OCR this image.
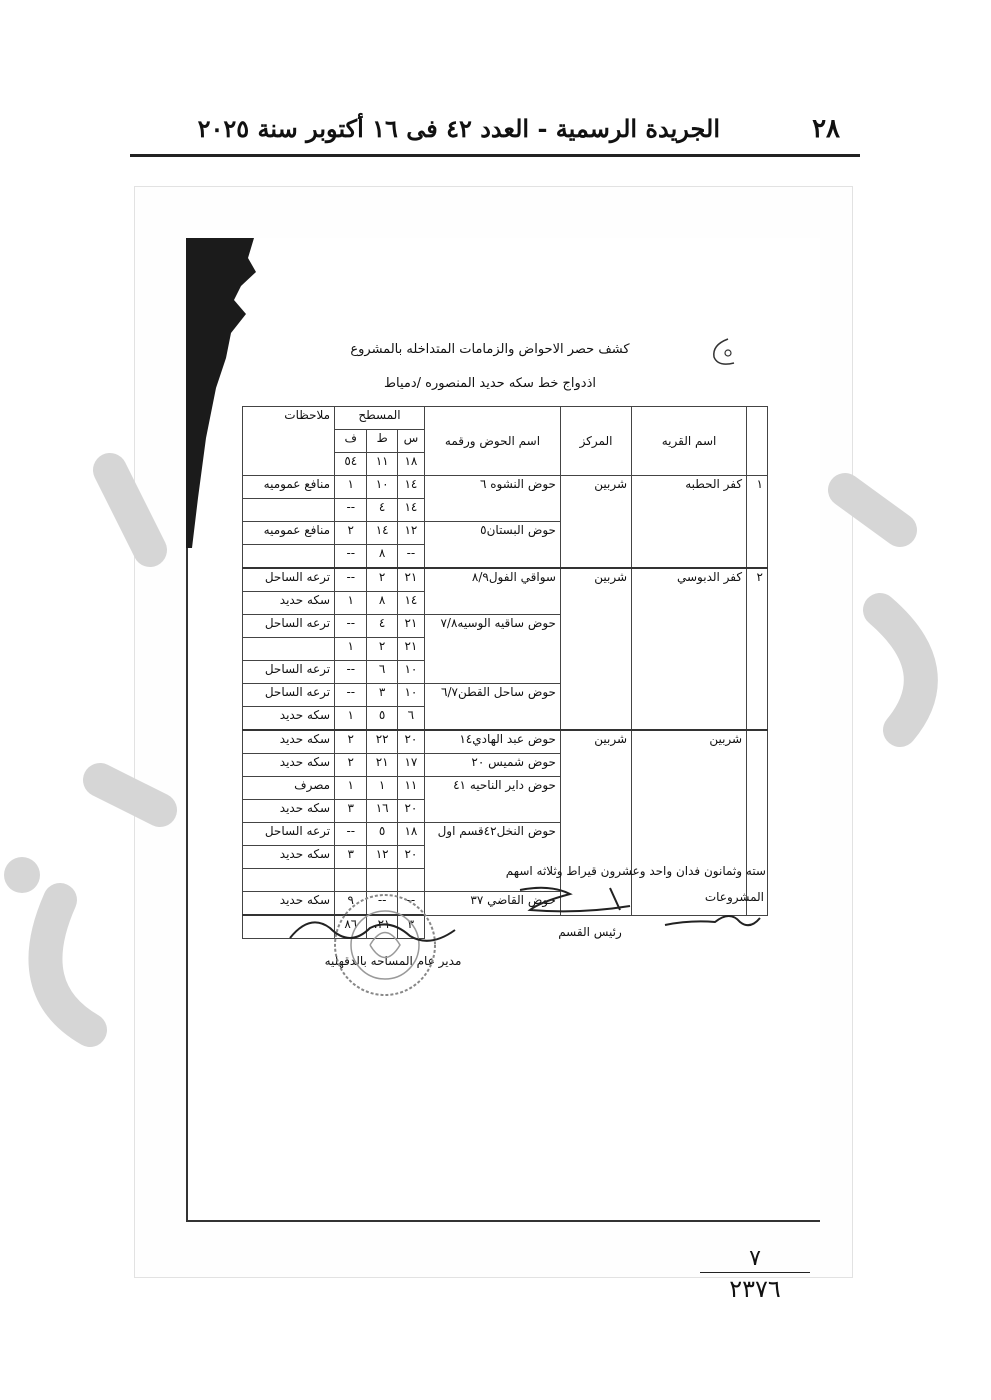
٢٨
الجريدة الرسمية - العدد ٤٢ فى ١٦ أكتوبر سنة ٢٠٢٥
كشف حصر الاحواض والزمامات المتداخله بالمشروع
اذدواج خط سكه حديد المنصوره /دمياط
	اسم القريه	المركز	اسم الحوض ورقمه	المسطح			ملاحظات
				س	ط	ف	
				١٨	١١	٥٤	
١	كفر الحطبه	شربين	حوض النشوه ٦	١٤	١٠	١	منافع عموميه
				١٤	٤	--	
			حوض البستان٥	١٢	١٤	٢	منافع عموميه
				--	٨	--	
٢	كفر الدبوسي	شربين	سواقي الفول٨/٩	٢١	٢	--	ترعه الساحل
				١٤	٨	١	سكه حديد
			حوض ساقيه الوسيه٧/٨	٢١	٤	--	ترعه الساحل
				٢١	٢	١	
				١٠	٦	--	ترعه الساحل
			حوض ساحل القطن٦/٧	١٠	٣	--	ترعه الساحل
				٦	٥	١	سكه حديد
	شربين	شربين	حوض عبد الهادي١٤	٢٠	٢٢	٢	سكه حديد
			حوض شميس ٢٠	١٧	٢١	٢	سكه حديد
			حوض داير الناحيه ٤١	١١	١	١	مصرف
				٢٠	١٦	٣	سكه حديد
			حوض النخل٤٢قسم اول	١٨	٥	--	ترعه الساحل
				٢٠	١٢	٣	سكه حديد

			حوض القاضي ٣٧	--	--	٩	سكه حديد
				٣	٢١.	٨٦	
سته وثمانون فدان واحد وعشرون قيراط وثلاثه اسهم
المشروعات
رئيس القسم
مدير عام المساحه بالدقهليه
٧
٢٣٧٦
